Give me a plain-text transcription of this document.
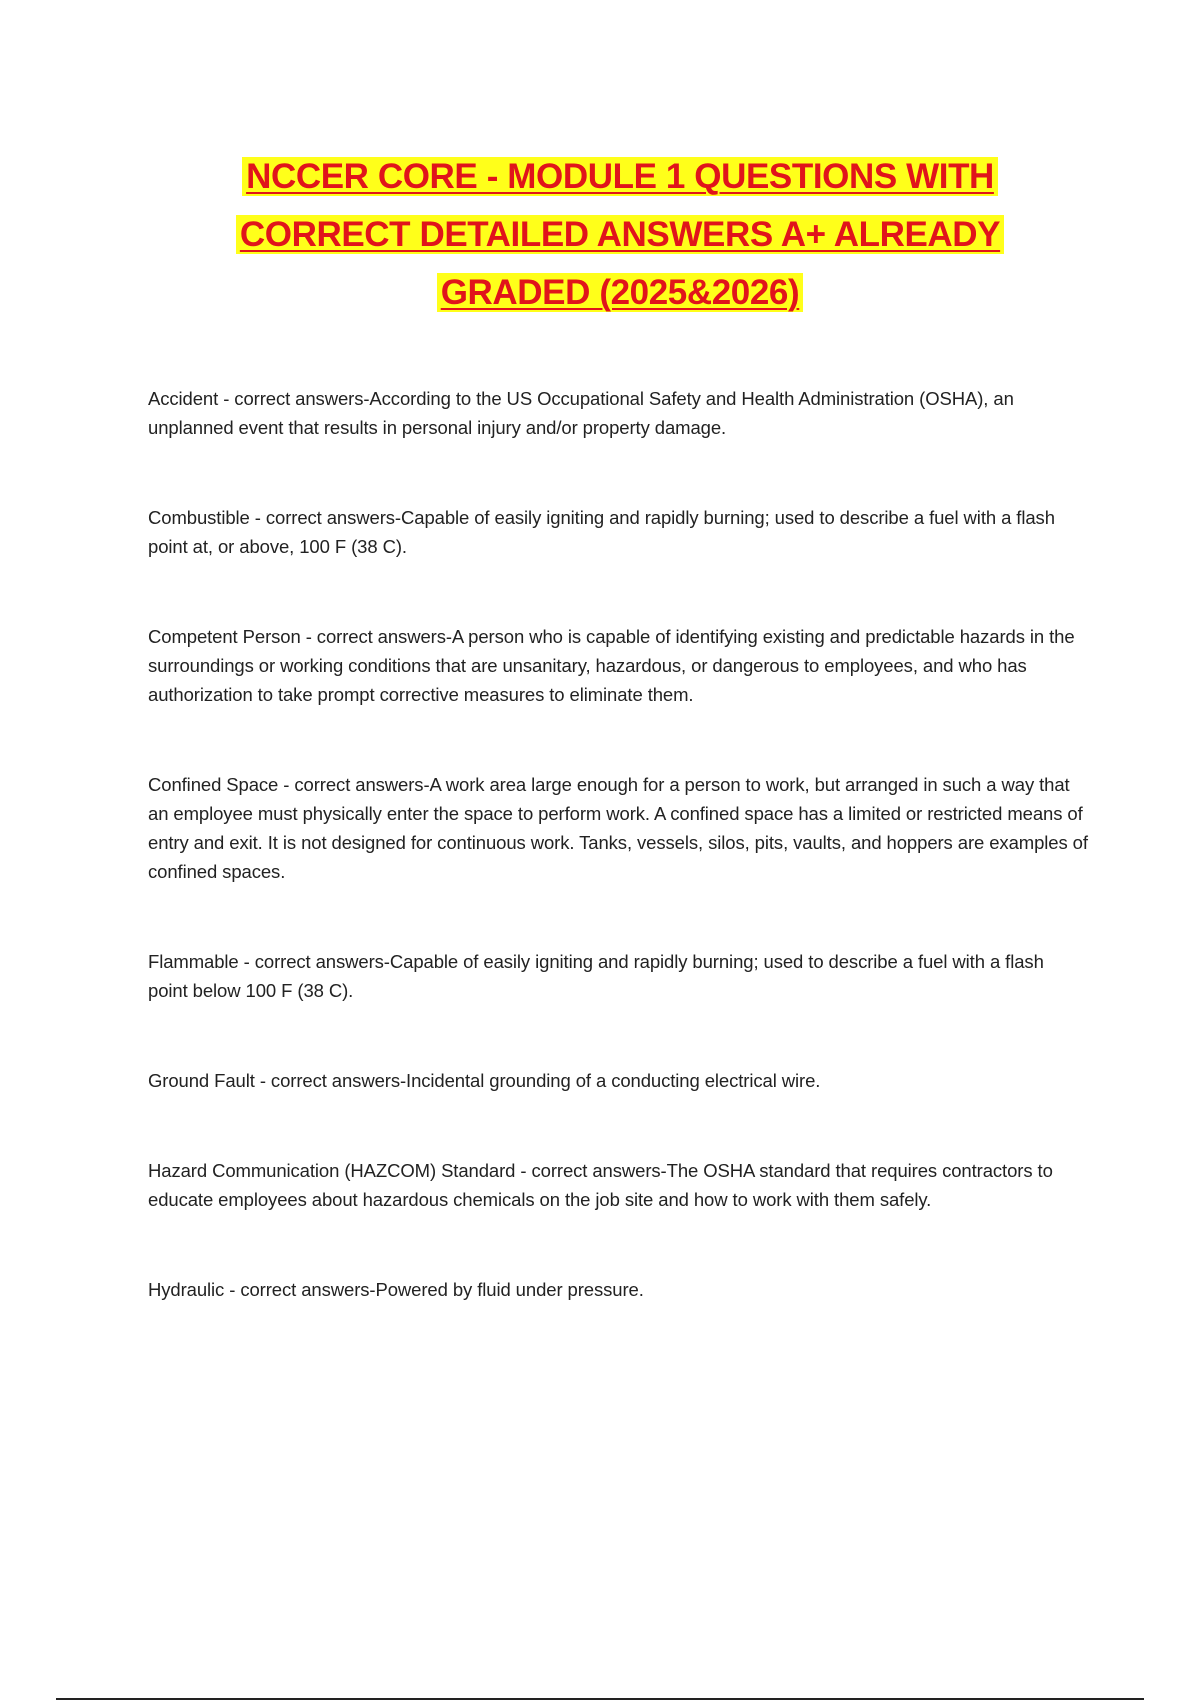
NCCER CORE - MODULE 1 QUESTIONS WITH
CORRECT DETAILED ANSWERS A+ ALREADY
GRADED (2025&2026)

Accident - correct answers-According to the US Occupational Safety and Health Administration (OSHA), an unplanned event that results in personal injury and/or property damage.

Combustible - correct answers-Capable of easily igniting and rapidly burning; used to describe a fuel with a flash point at, or above, 100 F (38 C).

Competent Person - correct answers-A person who is capable of identifying existing and predictable hazards in the surroundings or working conditions that are unsanitary, hazardous, or dangerous to employees, and who has authorization to take prompt corrective measures to eliminate them.

Confined Space - correct answers-A work area large enough for a person to work, but arranged in such a way that an employee must physically enter the space to perform work. A confined space has a limited or restricted means of entry and exit. It is not designed for continuous work. Tanks, vessels, silos, pits, vaults, and hoppers are examples of confined spaces.

Flammable - correct answers-Capable of easily igniting and rapidly burning; used to describe a fuel with a flash point below 100 F (38 C).

Ground Fault - correct answers-Incidental grounding of a conducting electrical wire.

Hazard Communication (HAZCOM) Standard - correct answers-The OSHA standard that requires contractors to educate employees about hazardous chemicals on the job site and how to work with them safely.

Hydraulic - correct answers-Powered by fluid under pressure.
